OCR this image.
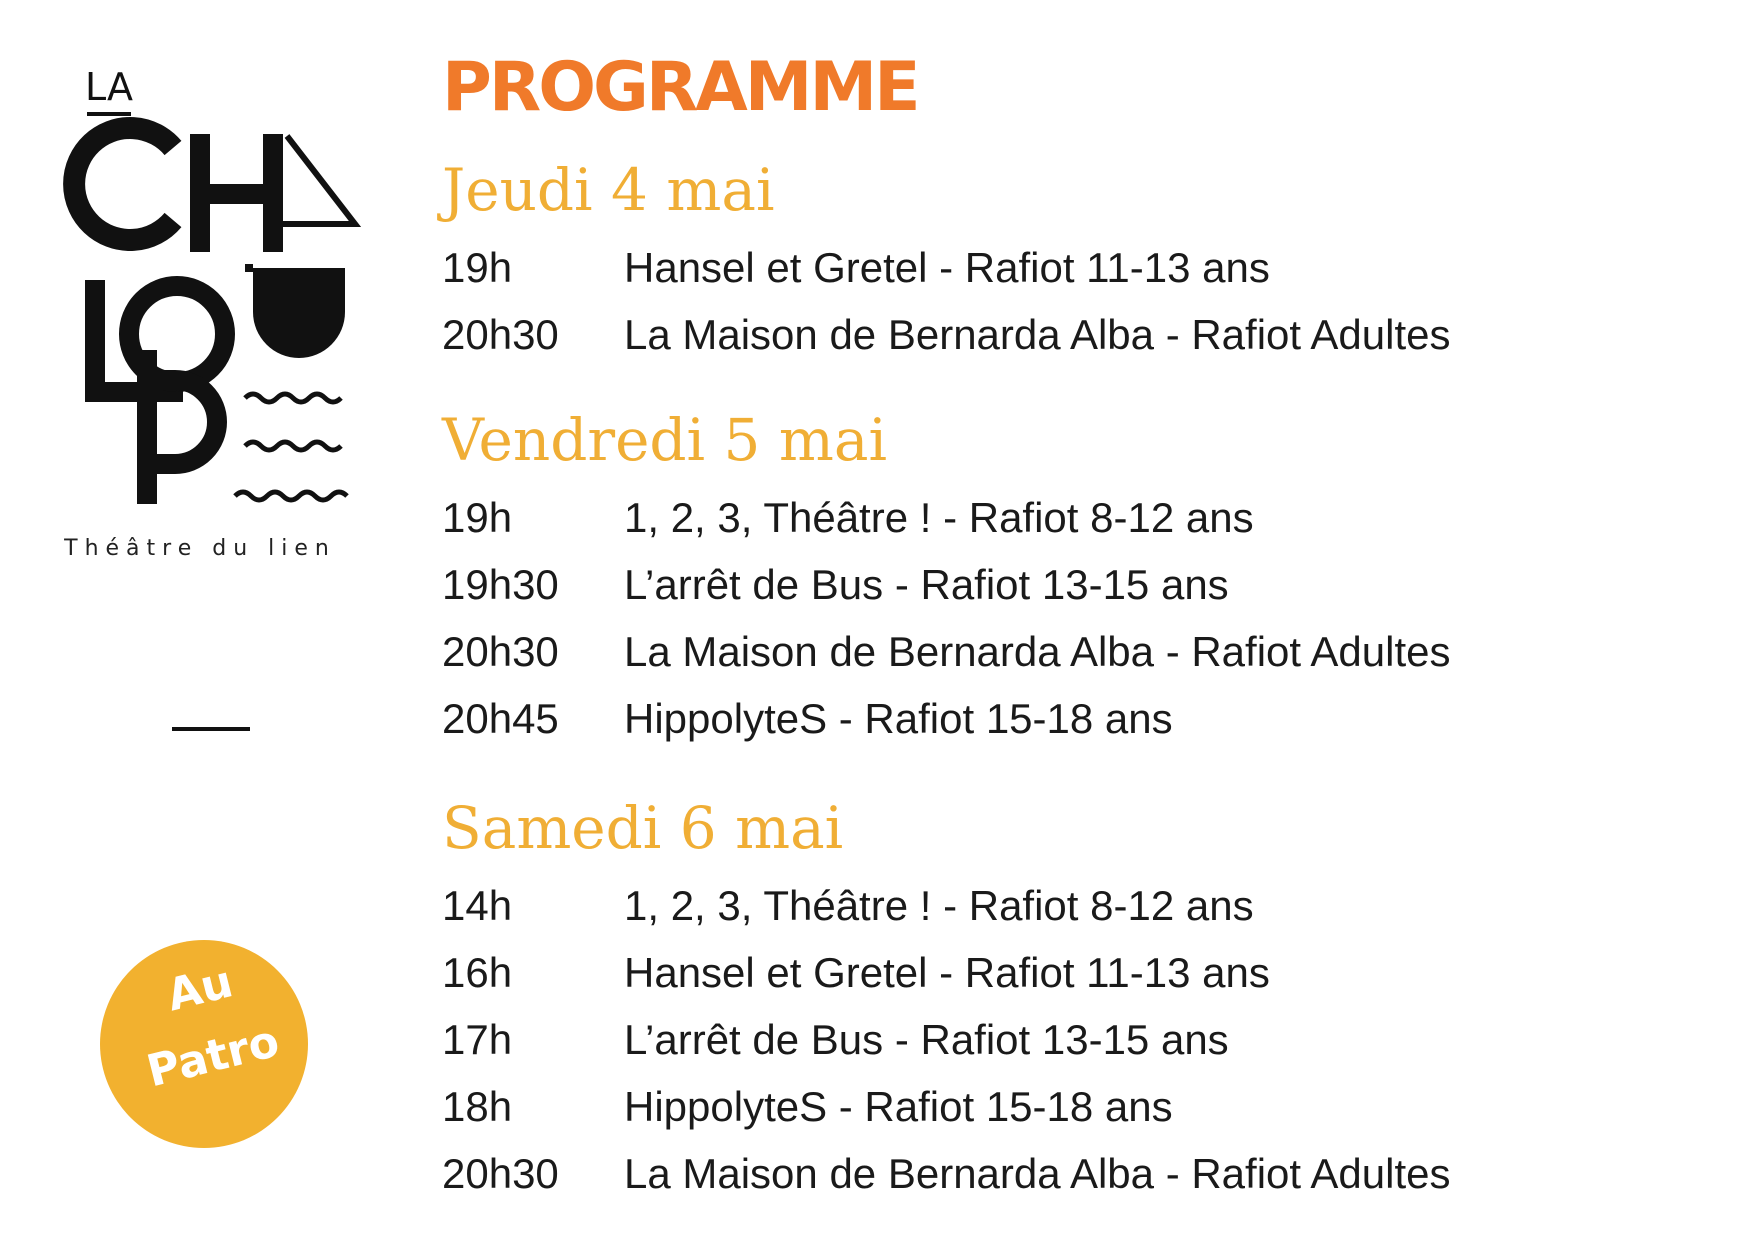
LA
Théâtre du lien
Au
Patro
PROGRAMME
Jeudi 4 mai
19h	Hansel et Gretel - Rafiot 11-13 ans
20h30	La Maison de Bernarda Alba - Rafiot Adultes
Vendredi 5 mai
19h	1, 2, 3, Théâtre ! - Rafiot 8-12 ans
19h30	L’arrêt de Bus - Rafiot 13-15 ans
20h30	La Maison de Bernarda Alba - Rafiot Adultes
20h45	HippolyteS - Rafiot 15-18 ans
Samedi 6 mai
14h	1, 2, 3, Théâtre ! - Rafiot 8-12 ans
16h	Hansel et Gretel - Rafiot 11-13 ans
17h	L’arrêt de Bus - Rafiot 13-15 ans
18h	HippolyteS - Rafiot 15-18 ans
20h30	La Maison de Bernarda Alba - Rafiot Adultes
